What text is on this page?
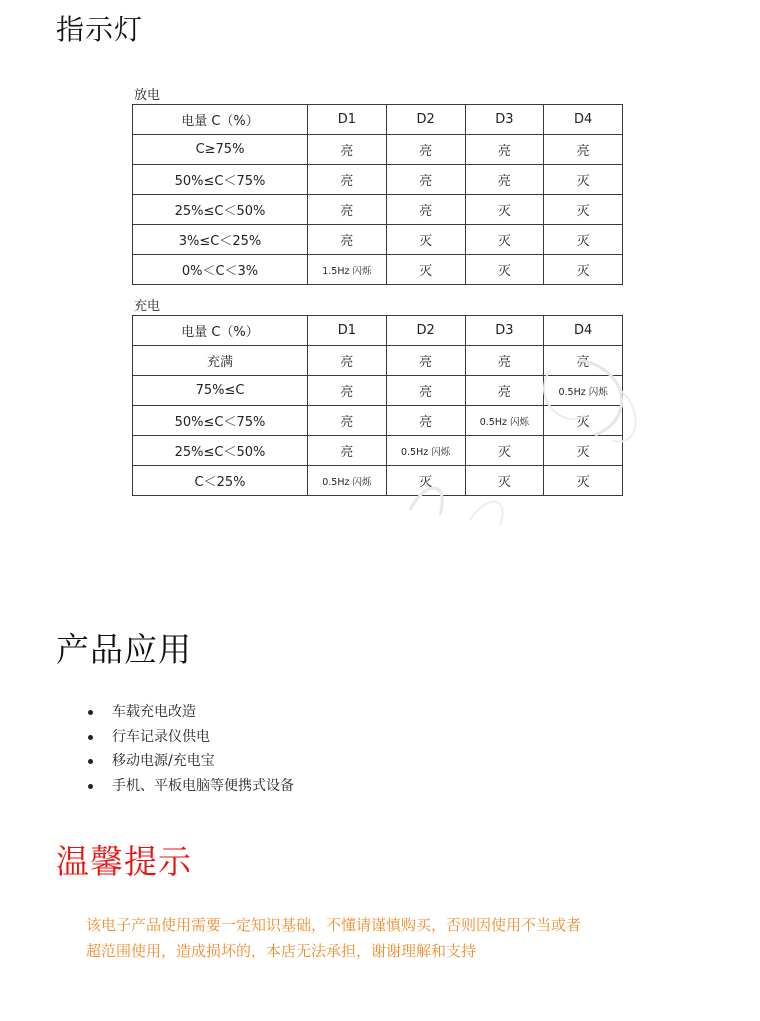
指示灯
放电
电量 C（%）	D1	D2	D3	D4
C≥75%	亮	亮	亮	亮
50%≤C＜75%	亮	亮	亮	灭
25%≤C＜50%	亮	亮	灭	灭
3%≤C＜25%	亮	灭	灭	灭
0%＜C＜3%	1.5Hz 闪烁	灭	灭	灭
充电
电量 C（%）	D1	D2	D3	D4
充满	亮	亮	亮	亮
75%≤C	亮	亮	亮	0.5Hz 闪烁
50%≤C＜75%	亮	亮	0.5Hz 闪烁	灭
25%≤C＜50%	亮	0.5Hz 闪烁	灭	灭
C＜25%	0.5Hz 闪烁	灭	灭	灭
产品应用
车载充电改造
行车记录仪供电
移动电源/充电宝
手机、平板电脑等便携式设备
温馨提示

该电子产品使用需要一定知识基础，不懂请谨慎购买，否则因使用不当或者
超范围使用，造成损坏的，本店无法承担，谢谢理解和支持
